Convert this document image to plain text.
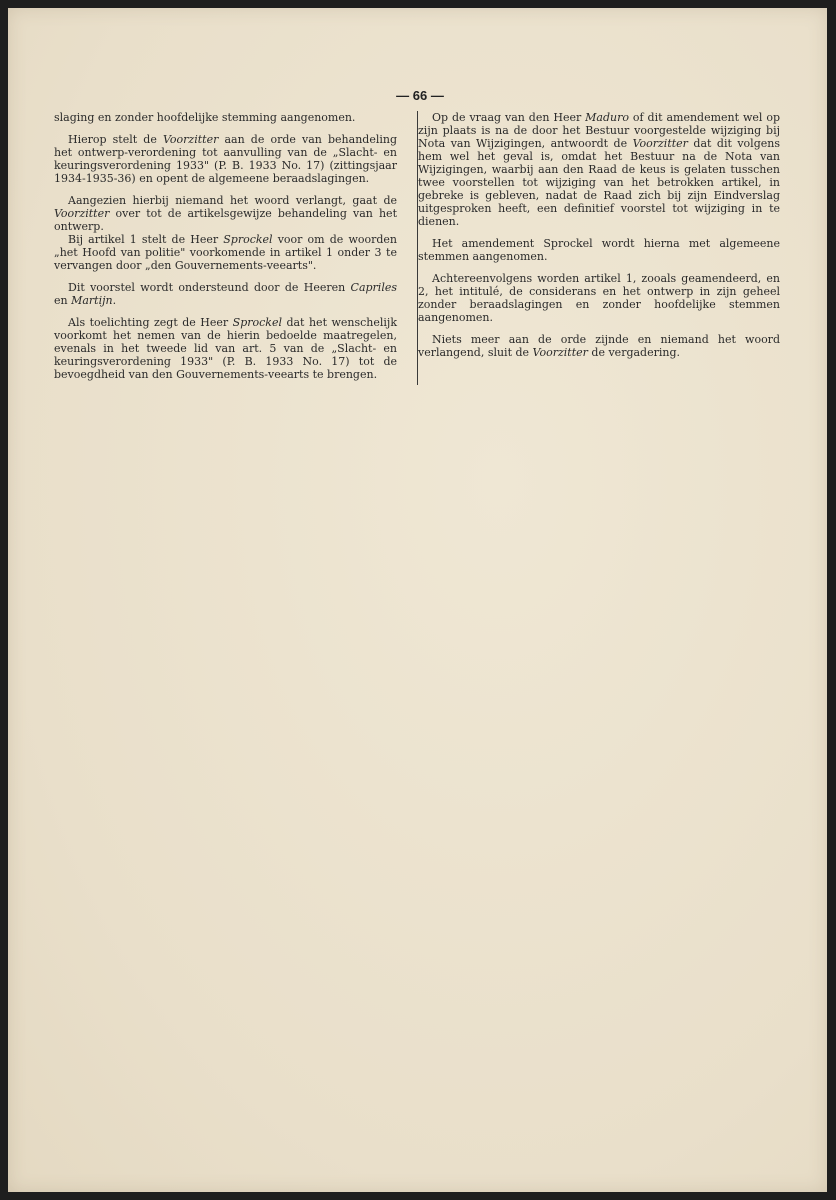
— 66 —

slaging en zonder hoofdelijke stemming aangenomen.

Hierop stelt de Voorzitter aan de orde van behandeling het ontwerp-verordening tot aanvulling van de „Slacht- en keuringsverordening 1933" (P. B. 1933 No. 17) (zittingsjaar 1934-1935-36) en opent de algemeene beraadslagingen.

Aangezien hierbij niemand het woord verlangt, gaat de Voorzitter over tot de artikelsgewijze behandeling van het ontwerp.

Bij artikel 1 stelt de Heer Sprockel voor om de woorden „het Hoofd van politie" voorkomende in artikel 1 onder 3 te vervangen door „den Gouvernements-veearts".

Dit voorstel wordt ondersteund door de Heeren Capriles en Martijn.

Als toelichting zegt de Heer Sprockel dat het wenschelijk voorkomt het nemen van de hierin bedoelde maatregelen, evenals in het tweede lid van art. 5 van de „Slacht- en keuringsverordening 1933" (P. B. 1933 No. 17) tot de bevoegdheid van den Gouvernements-veearts te brengen.

Op de vraag van den Heer Maduro of dit amendement wel op zijn plaats is na de door het Bestuur voorgestelde wijziging bij Nota van Wijzigingen, antwoordt de Voorzitter dat dit volgens hem wel het geval is, omdat het Bestuur na de Nota van Wijzigingen, waarbij aan den Raad de keus is gelaten tusschen twee voorstellen tot wijziging van het betrokken artikel, in gebreke is gebleven, nadat de Raad zich bij zijn Eindverslag uitgesproken heeft, een definitief voorstel tot wijziging in te dienen.

Het amendement Sprockel wordt hierna met algemeene stemmen aangenomen.

Achtereenvolgens worden artikel 1, zooals geamendeerd, en 2, het intitulé, de considerans en het ontwerp in zijn geheel zonder beraadslagingen en zonder hoofdelijke stemmen aangenomen.

Niets meer aan de orde zijnde en niemand het woord verlangend, sluit de Voorzitter de vergadering.
